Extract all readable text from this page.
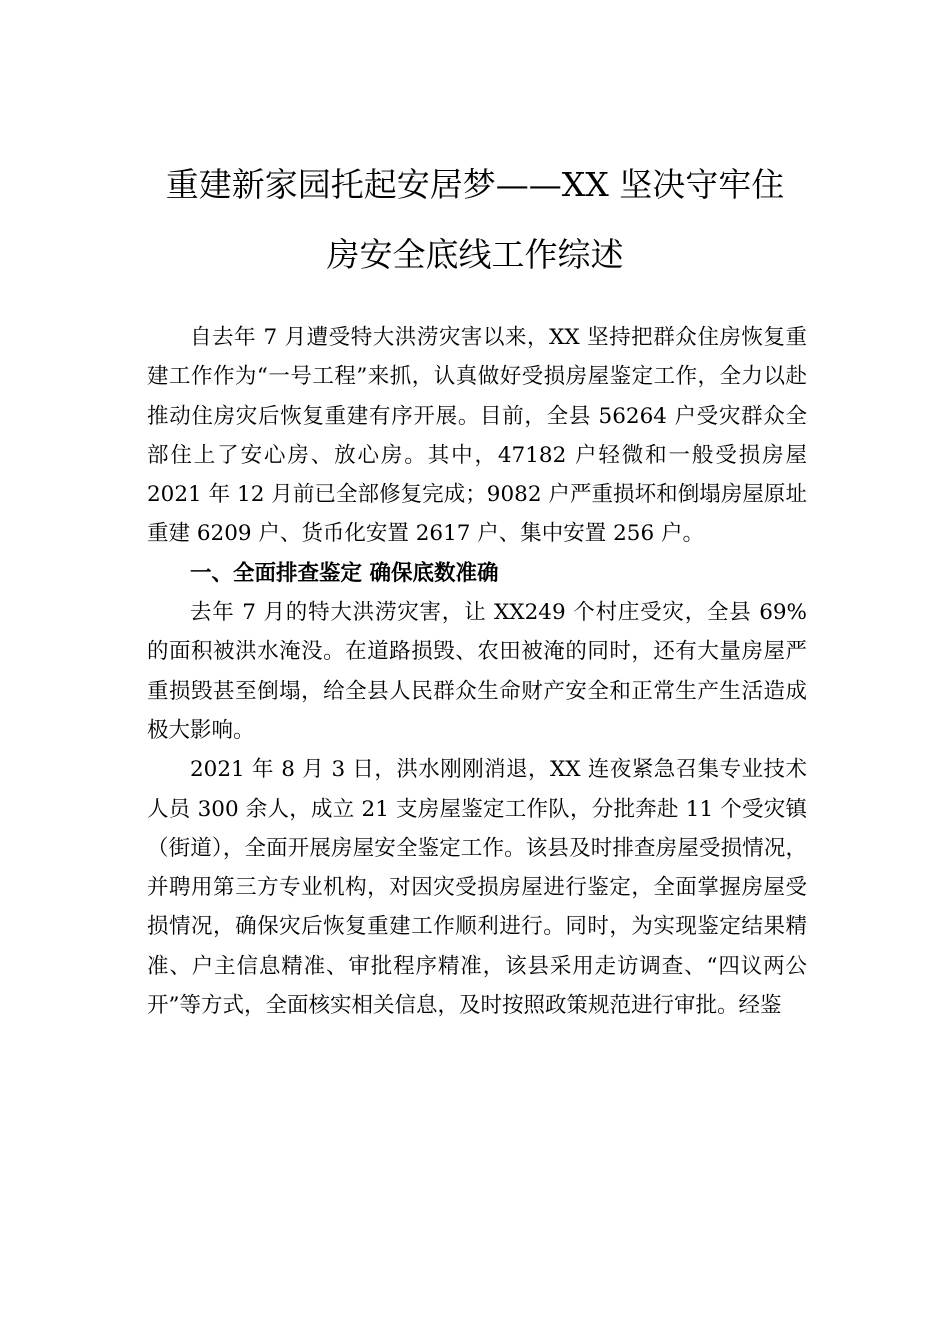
重建新家园托起安居梦——XX 坚决守牢住
房安全底线工作综述

自去年 7 月遭受特大洪涝灾害以来，XX 坚持把群众住房恢复重建工作作为“一号工程”来抓，认真做好受损房屋鉴定工作，全力以赴推动住房灾后恢复重建有序开展。目前，全县 56264 户受灾群众全部住上了安心房、放心房。其中，47182 户轻微和一般受损房屋 2021 年 12 月前已全部修复完成；9082 户严重损坏和倒塌房屋原址重建 6209 户、货币化安置 2617 户、集中安置 256 户。

一、全面排查鉴定 确保底数准确

去年 7 月的特大洪涝灾害，让 XX249 个村庄受灾，全县 69%的面积被洪水淹没。在道路损毁、农田被淹的同时，还有大量房屋严重损毁甚至倒塌，给全县人民群众生命财产安全和正常生产生活造成极大影响。

2021 年 8 月 3 日，洪水刚刚消退，XX 连夜紧急召集专业技术人员 300 余人，成立 21 支房屋鉴定工作队，分批奔赴 11 个受灾镇（街道），全面开展房屋安全鉴定工作。该县及时排查房屋受损情况，并聘用第三方专业机构，对因灾受损房屋进行鉴定，全面掌握房屋受损情况，确保灾后恢复重建工作顺利进行。同时，为实现鉴定结果精准、户主信息精准、审批程序精准，该县采用走访调查、“四议两公开”等方式，全面核实相关信息，及时按照政策规范进行审批。经鉴
